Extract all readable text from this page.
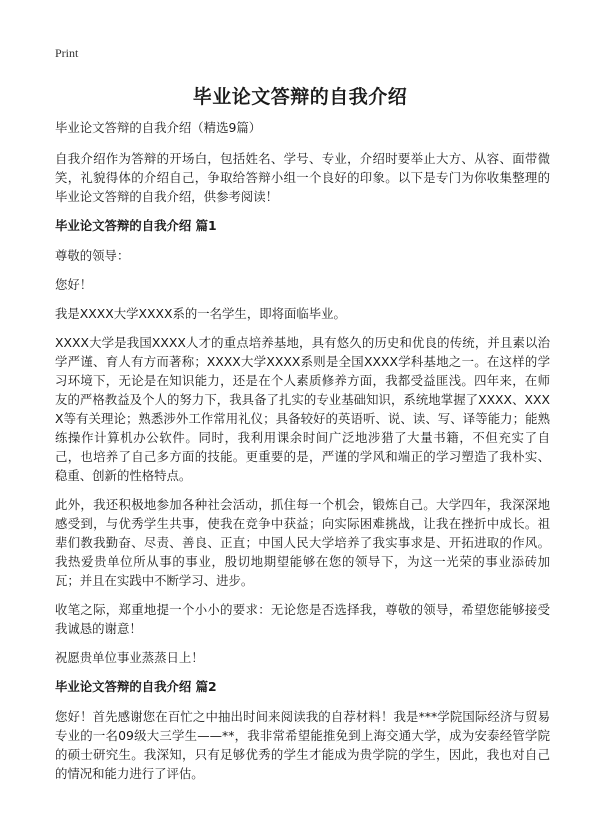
Print
毕业论文答辩的自我介绍
毕业论文答辩的自我介绍（精选9篇）
自我介绍作为答辩的开场白，包括姓名、学号、专业，介绍时要举止大方、从容、面带微笑，礼貌得体的介绍自己，争取给答辩小组一个良好的印象。以下是专门为你收集整理的毕业论文答辩的自我介绍，供参考阅读！
毕业论文答辩的自我介绍 篇1
尊敬的领导：
您好！
我是XXXX大学XXXX系的一名学生，即将面临毕业。
XXXX大学是我国XXXX人才的重点培养基地，具有悠久的历史和优良的传统，并且素以治学严谨、育人有方而著称；XXXX大学XXXX系则是全国XXXX学科基地之一。在这样的学习环境下，无论是在知识能力，还是在个人素质修养方面，我都受益匪浅。四年来，在师友的严格教益及个人的努力下，我具备了扎实的专业基础知识，系统地掌握了XXXX、XXXX等有关理论；熟悉涉外工作常用礼仪；具备较好的英语听、说、读、写、译等能力；能熟练操作计算机办公软件。同时，我利用课余时间广泛地涉猎了大量书籍，不但充实了自己，也培养了自己多方面的技能。更重要的是，严谨的学风和端正的学习塑造了我朴实、稳重、创新的性格特点。
此外，我还积极地参加各种社会活动，抓住每一个机会，锻炼自己。大学四年，我深深地感受到，与优秀学生共事，使我在竞争中获益；向实际困难挑战，让我在挫折中成长。祖辈们教我勤奋、尽责、善良、正直；中国人民大学培养了我实事求是、开拓进取的作风。我热爱贵单位所从事的事业，殷切地期望能够在您的领导下，为这一光荣的事业添砖加瓦；并且在实践中不断学习、进步。
收笔之际，郑重地提一个小小的要求：无论您是否选择我，尊敬的领导，希望您能够接受我诚恳的谢意！
祝愿贵单位事业蒸蒸日上！
毕业论文答辩的自我介绍 篇2
您好！首先感谢您在百忙之中抽出时间来阅读我的自荐材料！我是***学院国际经济与贸易专业的一名09级大三学生——**，我非常希望能推免到上海交通大学，成为安泰经管学院的硕士研究生。我深知，只有足够优秀的学生才能成为贵学院的学生，因此，我也对自己的情况和能力进行了评估。
